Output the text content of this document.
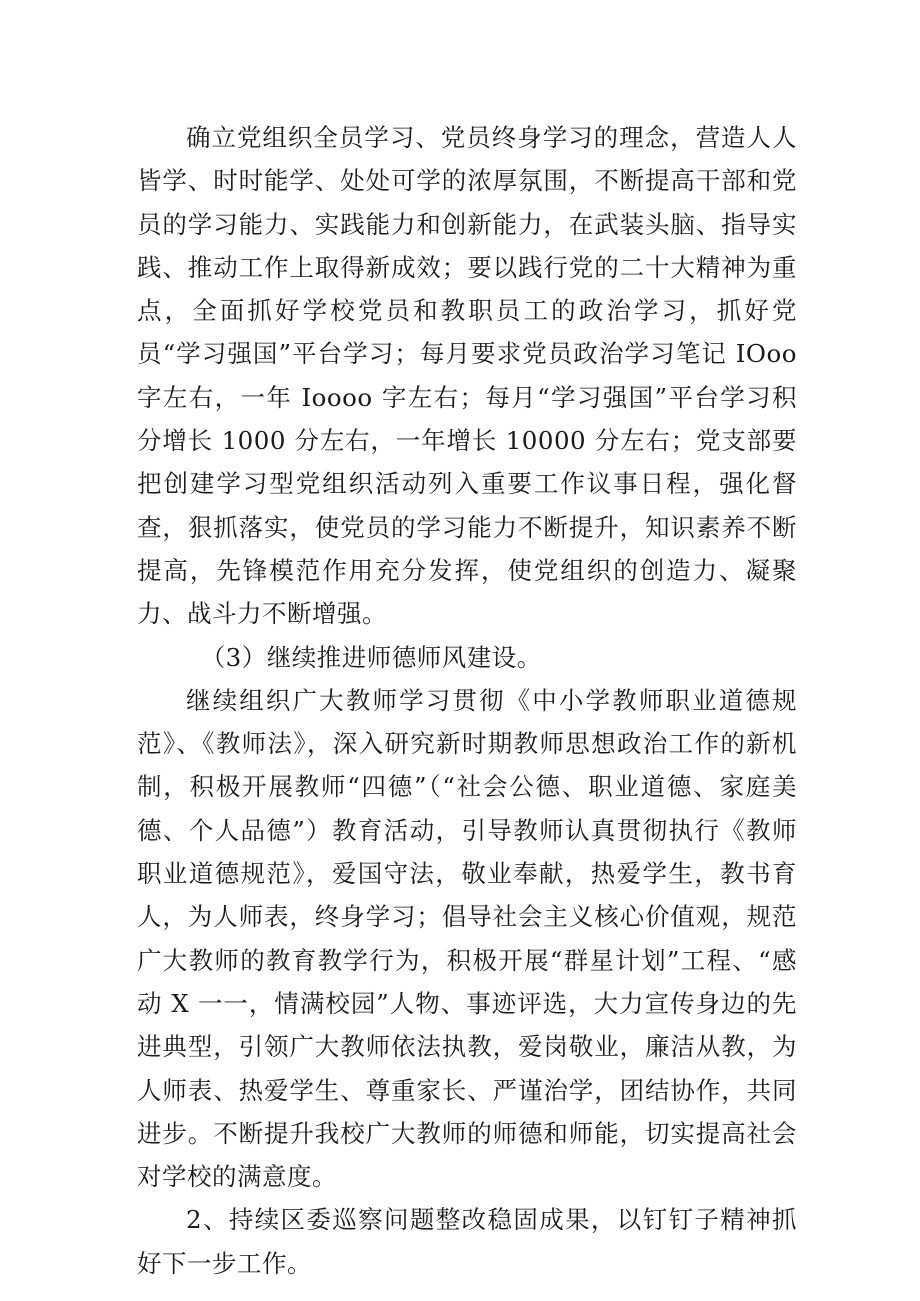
确立党组织全员学习、党员终身学习的理念，营造人人皆学、时时能学、处处可学的浓厚氛围，不断提高干部和党员的学习能力、实践能力和创新能力，在武装头脑、指导实践、推动工作上取得新成效；要以践行党的二十大精神为重点，全面抓好学校党员和教职员工的政治学习，抓好党员“学习强国”平台学习；每月要求党员政治学习笔记 IOoo 字左右，一年 Ioooo 字左右；每月“学习强国”平台学习积分增长 1000 分左右，一年增长 10000 分左右；党支部要把创建学习型党组织活动列入重要工作议事日程，强化督查，狠抓落实，使党员的学习能力不断提升，知识素养不断提高，先锋模范作用充分发挥，使党组织的创造力、凝聚力、战斗力不断增强。

（3）继续推进师德师风建设。

继续组织广大教师学习贯彻《中小学教师职业道德规范》、《教师法》，深入研究新时期教师思想政治工作的新机制，积极开展教师“四德”（“社会公德、职业道德、家庭美德、个人品德”）教育活动，引导教师认真贯彻执行《教师职业道德规范》，爱国守法，敬业奉献，热爱学生，教书育人，为人师表，终身学习；倡导社会主义核心价值观，规范广大教师的教育教学行为，积极开展“群星计划”工程、“感动 X 一一，情满校园”人物、事迹评选，大力宣传身边的先进典型，引领广大教师依法执教，爱岗敬业，廉洁从教，为人师表、热爱学生、尊重家长、严谨治学，团结协作，共同进步。不断提升我校广大教师的师德和师能，切实提高社会对学校的满意度。

2、持续区委巡察问题整改稳固成果，以钉钉子精神抓好下一步工作。
